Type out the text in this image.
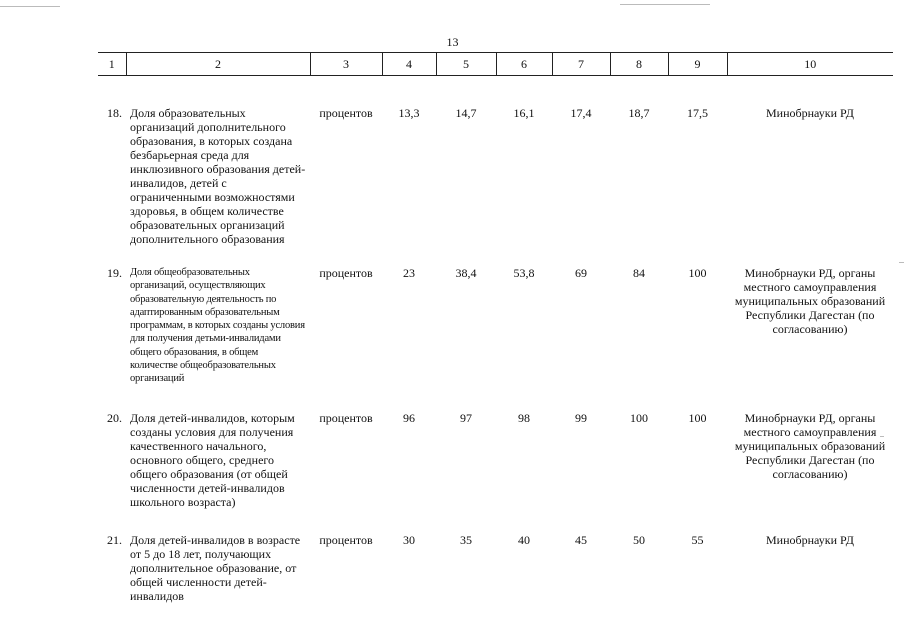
13
1	2	3	4	5	6	7	8	9	10
18.	Доля образовательных организаций дополнительного образования, в которых создана безбарьерная среда для инклюзивного образования детей-инвалидов, детей с ограниченными возможностями здоровья, в общем количестве образовательных организаций дополнительного образования	процентов	13,3	14,7	16,1	17,4	18,7	17,5	Минобрнауки РД
19.	Доля общеобразовательных организаций, осуществляющих образовательную деятельность по адаптированным образовательным программам, в которых созданы условия для получения детьми-инвалидами общего образования, в общем количестве общеобразовательных организаций	процентов	23	38,4	53,8	69	84	100	Минобрнауки РД, органы местного самоуправления муниципальных образований Республики Дагестан (по согласованию)
20.	Доля детей-инвалидов, которым созданы условия для получения качественного начального, основного общего, среднего общего образования (от общей численности детей-инвалидов школьного возраста)	процентов	96	97	98	99	100	100	Минобрнауки РД, органы местного самоуправления муниципальных образований Республики Дагестан (по согласованию)
21.	Доля детей-инвалидов в возрасте от 5 до 18 лет, получающих дополнительное образование, от общей численности детей-инвалидов	процентов	30	35	40	45	50	55	Минобрнауки РД
